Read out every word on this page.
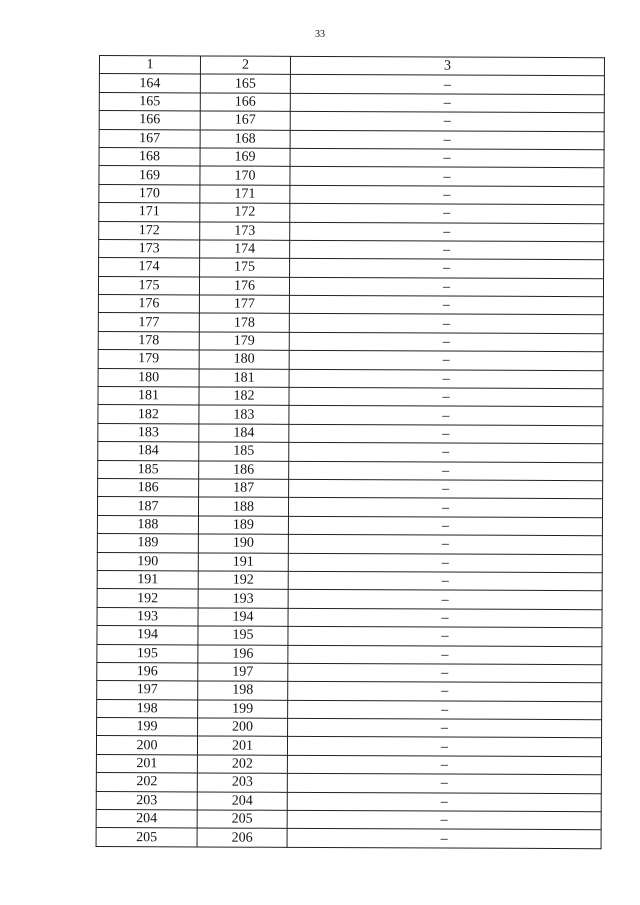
33
1	2	3
164	165	–
165	166	–
166	167	–
167	168	–
168	169	–
169	170	–
170	171	–
171	172	–
172	173	–
173	174	–
174	175	–
175	176	–
176	177	–
177	178	–
178	179	–
179	180	–
180	181	–
181	182	–
182	183	–
183	184	–
184	185	–
185	186	–
186	187	–
187	188	–
188	189	–
189	190	–
190	191	–
191	192	–
192	193	–
193	194	–
194	195	–
195	196	–
196	197	–
197	198	–
198	199	–
199	200	–
200	201	–
201	202	–
202	203	–
203	204	–
204	205	–
205	206	–
